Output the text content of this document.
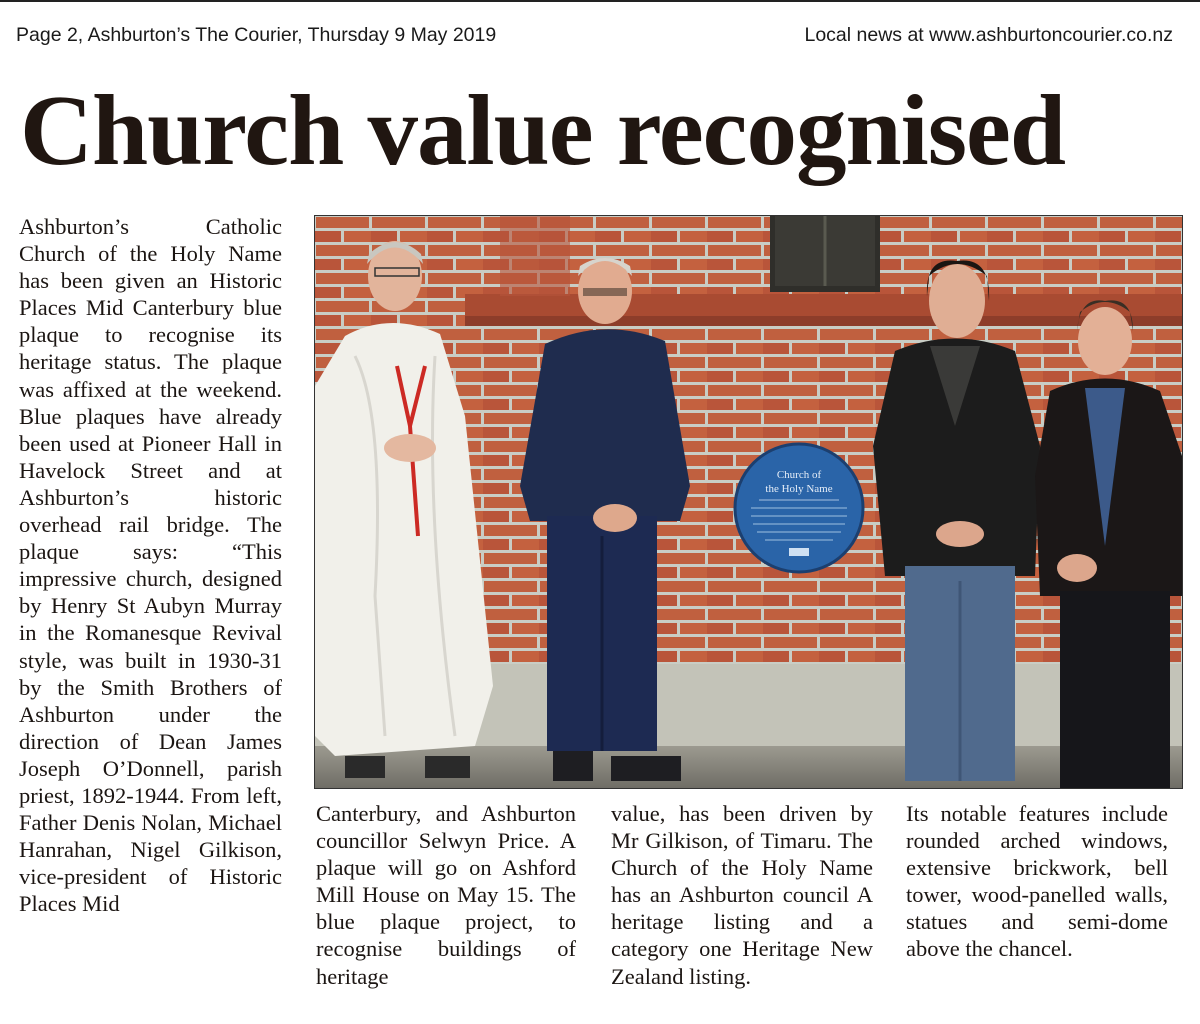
Page 2, Ashburton’s The Courier, Thursday 9 May 2019	Local news at www.ashburtoncourier.co.nz
Church value recognised
Ashburton’s Catholic Church of the Holy Name has been given an Historic Places Mid Canterbury blue plaque to recognise its heritage status. The plaque was affixed at the weekend. Blue plaques have already been used at Pioneer Hall in Havelock Street and at Ashburton’s historic overhead rail bridge. The plaque says: “This impressive church, designed by Henry St Aubyn Murray in the Romanesque Revival style, was built in 1930-31 by the Smith Brothers of Ashburton under the direction of Dean James Joseph O’Donnell, parish priest, 1892-1944. From left, Father Denis Nolan, Michael Hanrahan, Nigel Gilkison, vice-president of Historic Places Mid
Church of
the Holy Name
Canterbury, and Ashburton councillor Selwyn Price. A plaque will go on Ashford Mill House on May 15. The blue plaque project, to recognise buildings of heritage
value, has been driven by Mr Gilkison, of Timaru. The Church of the Holy Name has an Ashburton council A heritage listing and a category one Heritage New Zealand listing.
Its notable features include rounded arched windows, extensive brickwork, bell tower, wood-panelled walls, statues and semi-dome above the chancel.
